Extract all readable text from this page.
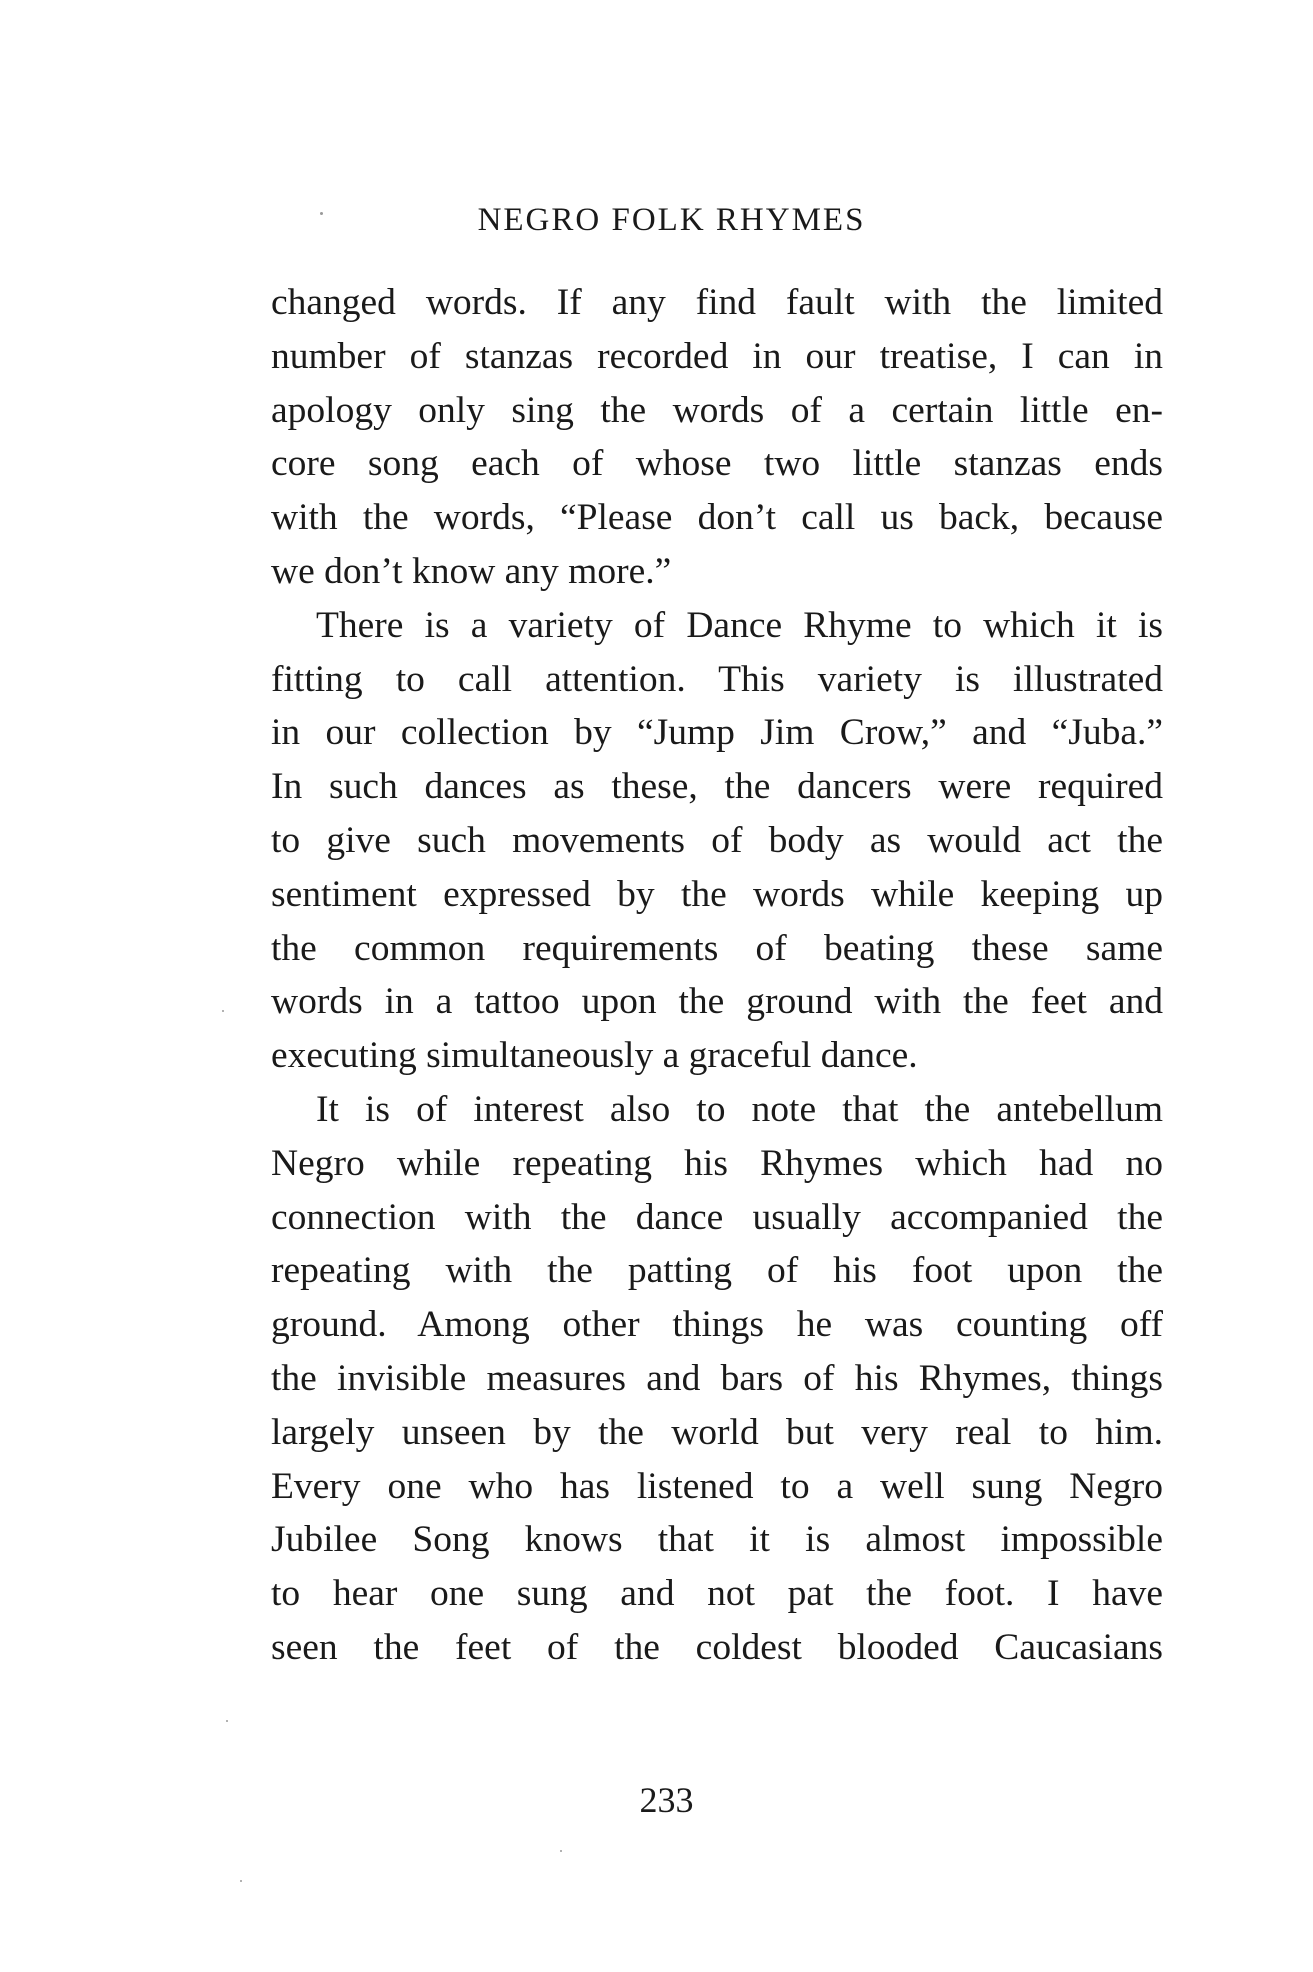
NEGRO FOLK RHYMES

changed words. If any find fault with the limited
number of stanzas recorded in our treatise, I can in
apology only sing the words of a certain little en-
core song each of whose two little stanzas ends
with the words, “Please don’t call us back, because
we don’t know any more.”

There is a variety of Dance Rhyme to which it is
fitting to call attention. This variety is illustrated
in our collection by “Jump Jim Crow,” and “Juba.”
In such dances as these, the dancers were required
to give such movements of body as would act the
sentiment expressed by the words while keeping up
the common requirements of beating these same
words in a tattoo upon the ground with the feet and
executing simultaneously a graceful dance.

It is of interest also to note that the antebellum
Negro while repeating his Rhymes which had no
connection with the dance usually accompanied the
repeating with the patting of his foot upon the
ground. Among other things he was counting off
the invisible measures and bars of his Rhymes, things
largely unseen by the world but very real to him.
Every one who has listened to a well sung Negro
Jubilee Song knows that it is almost impossible
to hear one sung and not pat the foot. I have
seen the feet of the coldest blooded Caucasians

233
